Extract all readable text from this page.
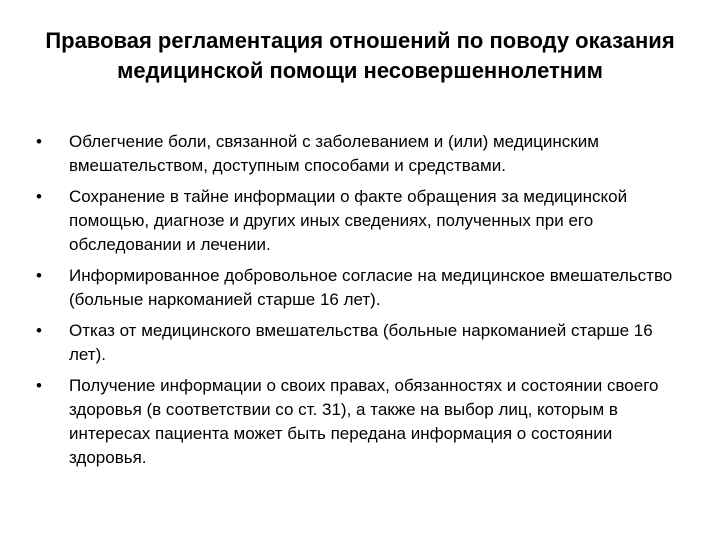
Правовая регламентация отношений по поводу оказания медицинской помощи несовершеннолетним
•	Облегчение боли, связанной с заболеванием и (или) медицинским вмешательством, доступным способами и средствами.
•	Сохранение в тайне информации о факте обращения за медицинской помощью, диагнозе и других иных сведениях, полученных при его обследовании и лечении.
•	Информированное добровольное согласие на медицинское вмешательство (больные наркоманией старше 16 лет).
•	Отказ от медицинского вмешательства (больные наркоманией старше 16 лет).
•	Получение информации о своих правах, обязанностях и состоянии своего здоровья (в соответствии со ст. 31), а также на выбор лиц, которым в интересах пациента может быть передана информация о состоянии здоровья.
